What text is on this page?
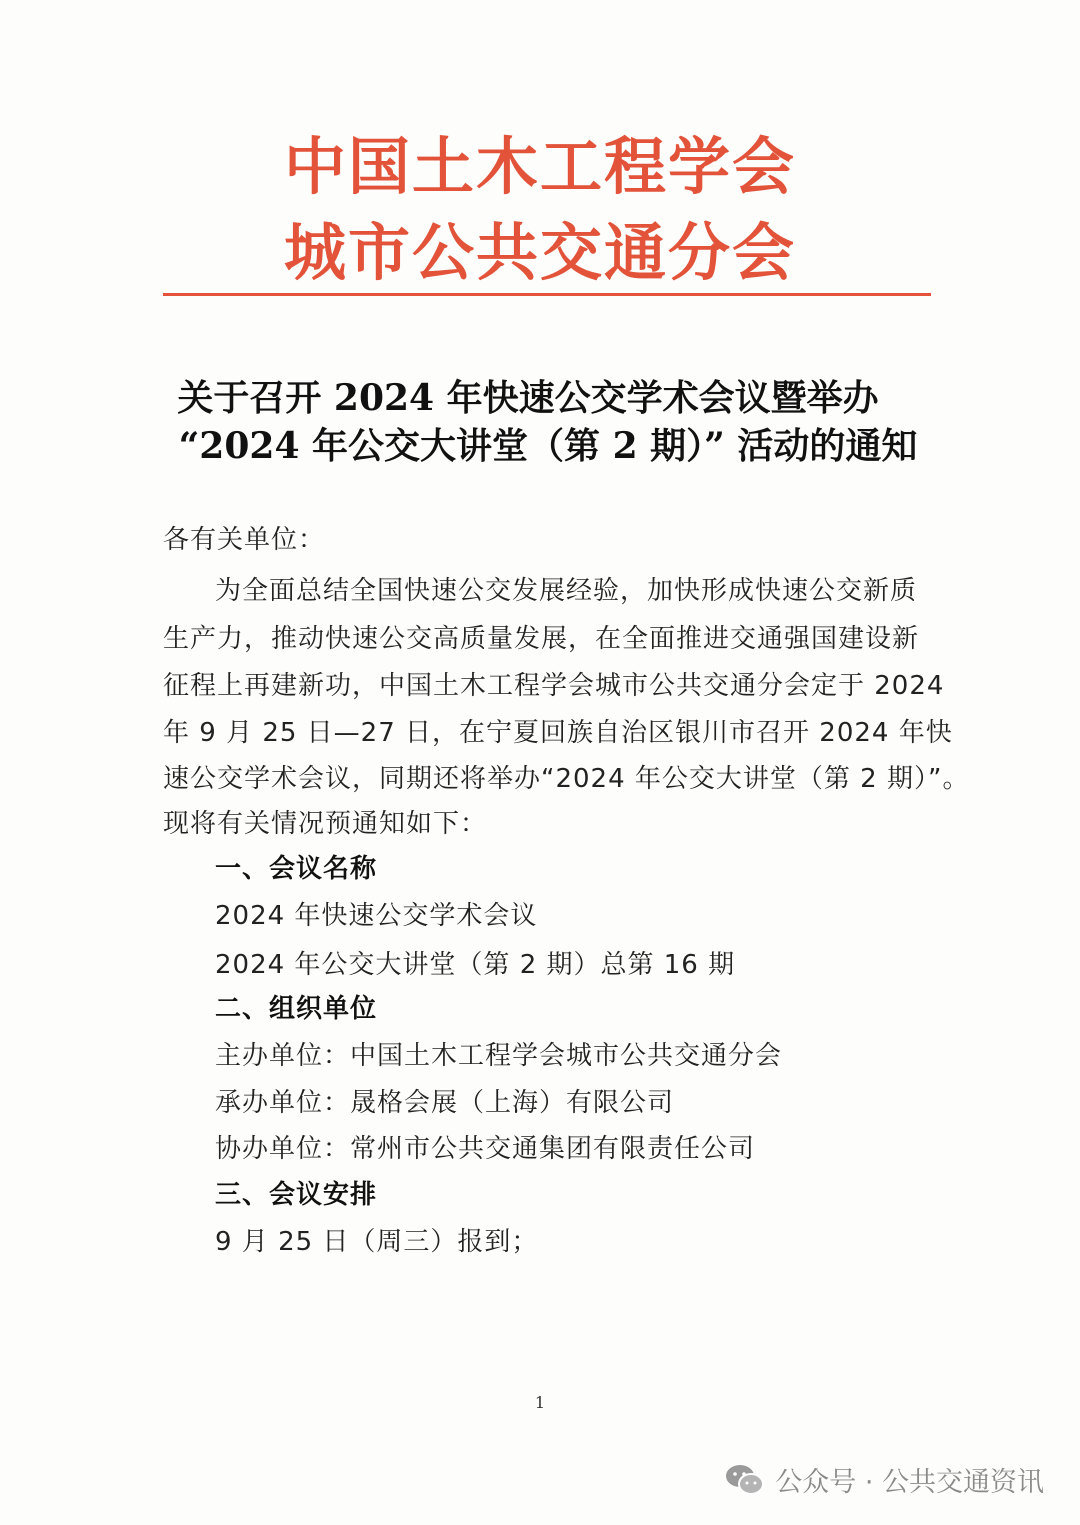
中国土木工程学会
城市公共交通分会
关于召开 2024 年快速公交学术会议暨举办
“2024 年公交大讲堂（第 2 期）” 活动的通知
各有关单位：
为全面总结全国快速公交发展经验，加快形成快速公交新质
生产力，推动快速公交高质量发展，在全面推进交通强国建设新
征程上再建新功，中国土木工程学会城市公共交通分会定于 2024
年 9 月 25 日—27 日，在宁夏回族自治区银川市召开 2024 年快
速公交学术会议，同期还将举办“2024 年公交大讲堂（第 2 期）”。
现将有关情况预通知如下：
一、会议名称
2024 年快速公交学术会议
2024 年公交大讲堂（第 2 期）总第 16 期
二、组织单位
主办单位：中国土木工程学会城市公共交通分会
承办单位：晟格会展（上海）有限公司
协办单位：常州市公共交通集团有限责任公司
三、会议安排
9 月 25 日（周三）报到；
1
公众号 · 公共交通资讯
